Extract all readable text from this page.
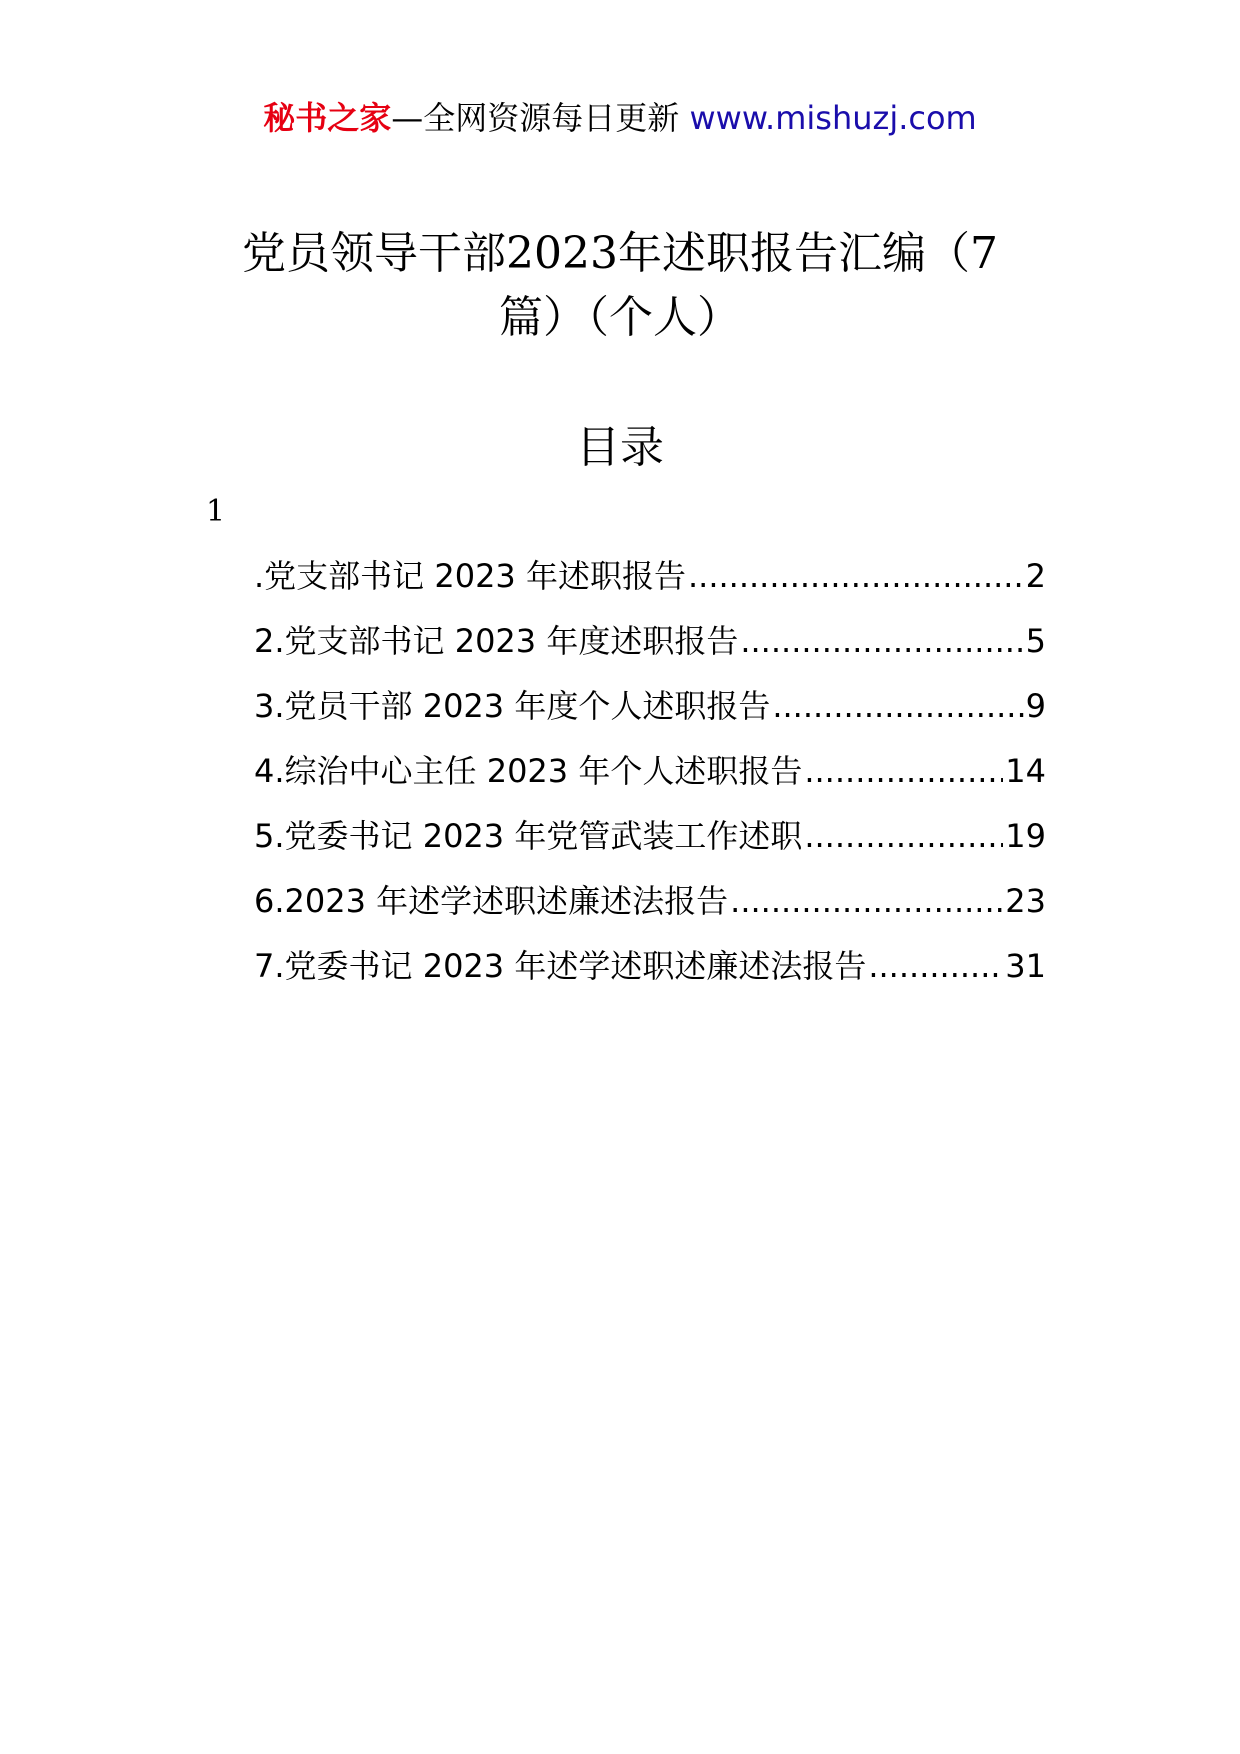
秘书之家—全网资源每日更新 www.mishuzj.com
党员领导干部2023年述职报告汇编（7
篇）（个人）
目录
1
.党支部书记 2023 年述职报告 .....	2
2.党支部书记 2023 年度述职报告 .....	5
3.党员干部 2023 年度个人述职报告 .....	9
4.综治中心主任 2023 年个人述职报告 .....	14
5.党委书记 2023 年党管武装工作述职 .....	19
6.2023 年述学述职述廉述法报告 .....	23
7.党委书记 2023 年述学述职述廉述法报告 .....	31
